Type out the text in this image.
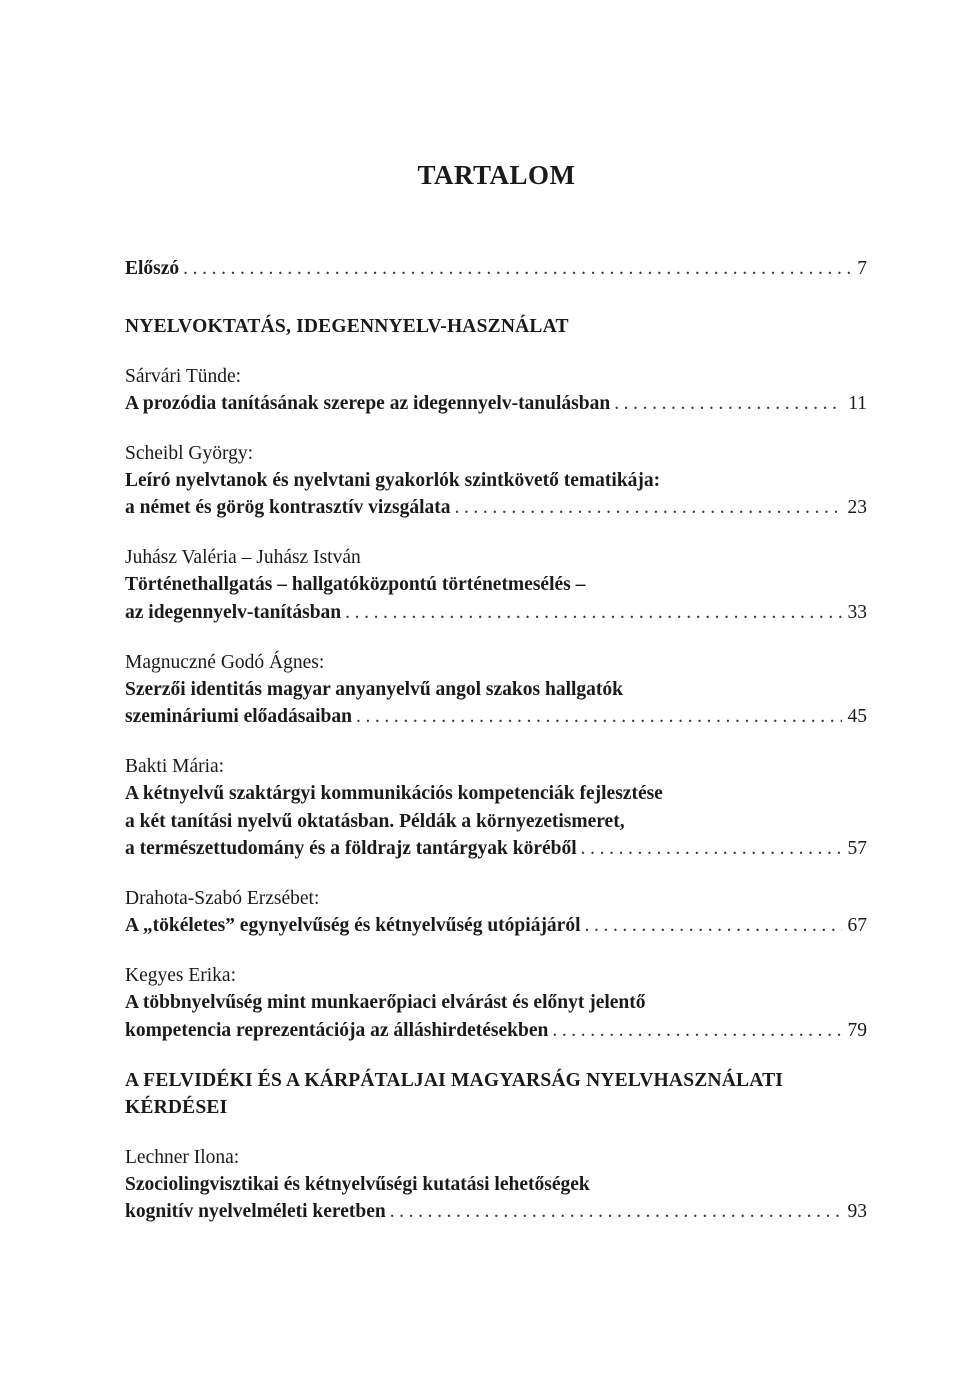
TARTALOM
Előszó .....	7
NYELVOKTATÁS, IDEGENNYELV-HASZNÁLAT
Sárvári Tünde:
A prozódia tanításának szerepe az idegennyelv-tanulásban .....	11
Scheibl György:
Leíró nyelvtanok és nyelvtani gyakorlók szintkövető tematikája:
a német és görög kontrasztív vizsgálata .....	23
Juhász Valéria – Juhász István
Történethallgatás – hallgatóközpontú történetmesélés –
az idegennyelv-tanításban .....	33
Magnuczné Godó Ágnes:
Szerzői identitás magyar anyanyelvű angol szakos hallgatók
szemináriumi előadásaiban .....	45
Bakti Mária:
A kétnyelvű szaktárgyi kommunikációs kompetenciák fejlesztése
a két tanítási nyelvű oktatásban. Példák a környezetismeret,
a természettudomány és a földrajz tantárgyak köréből .....	57
Drahota-Szabó Erzsébet:
A „tökéletes” egynyelvűség és kétnyelvűség utópiájáról .....	67
Kegyes Erika:
A többnyelvűség mint munkaerőpiaci elvárást és előnyt jelentő
kompetencia reprezentációja az álláshirdetésekben .....	79
A FELVIDÉKI ÉS A KÁRPÁTALJAI MAGYARSÁG NYELVHASZNÁLATI
KÉRDÉSEI
Lechner Ilona:
Szociolingvisztikai és kétnyelvűségi kutatási lehetőségek
kognitív nyelvelméleti keretben .....	93
